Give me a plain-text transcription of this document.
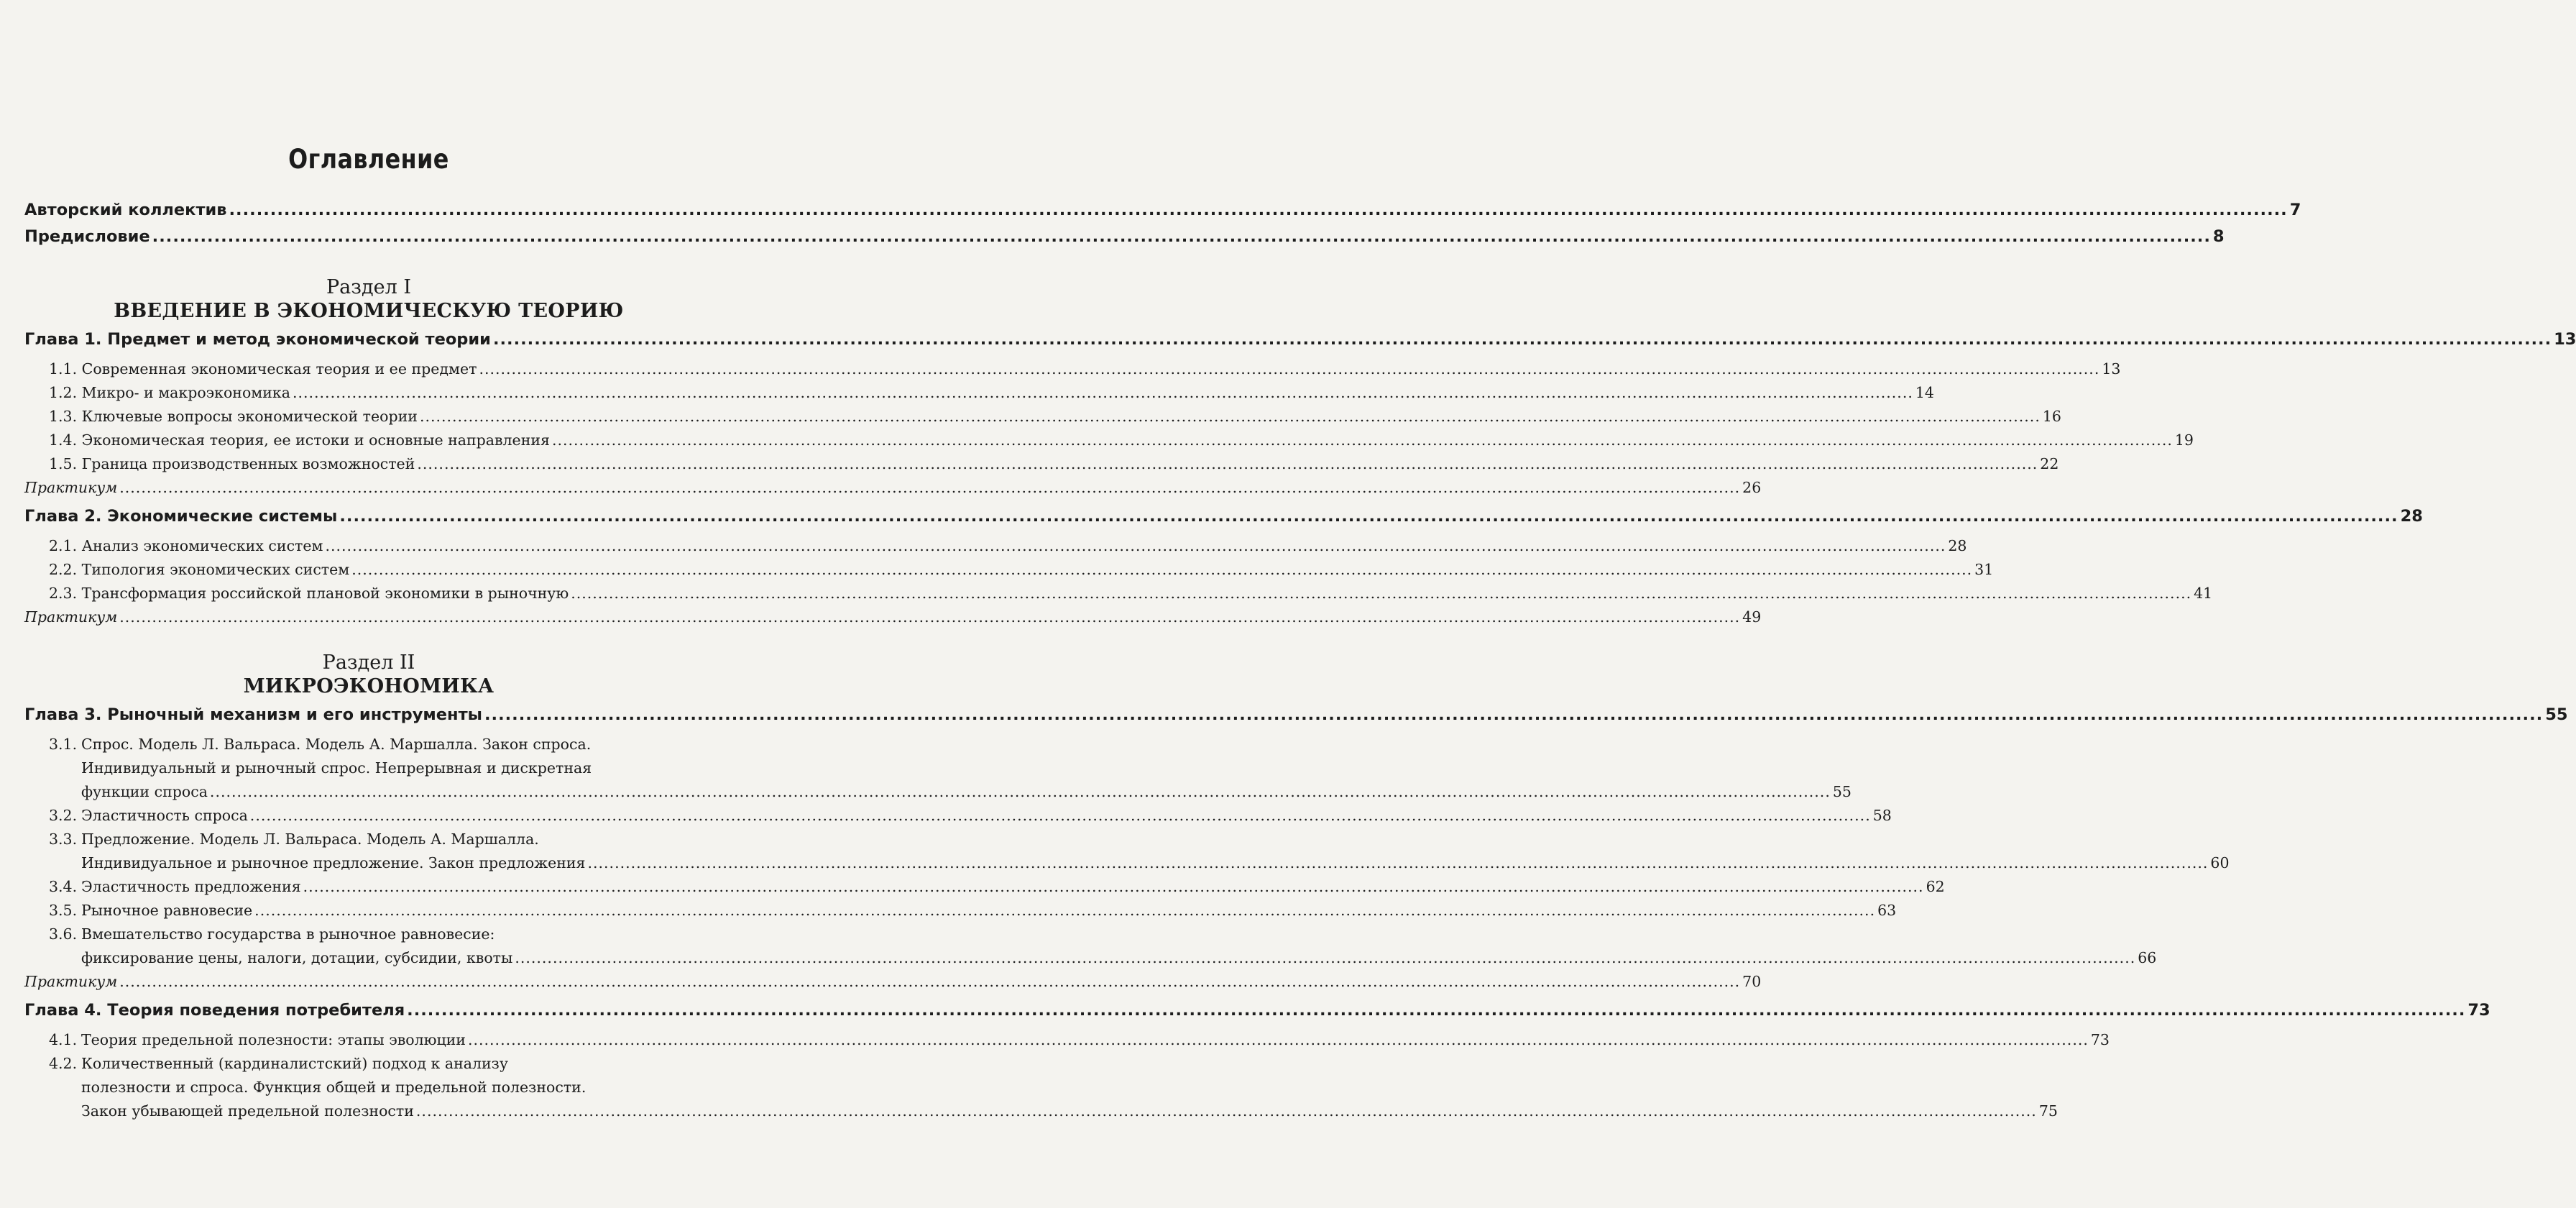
Оглавление
Авторский коллектив ............................................................................................................................................................................................................................................................................................................ 7
Предисловие ............................................................................................................................................................................................................................................................................................................ 8
Раздел I
ВВЕДЕНИЕ В ЭКОНОМИЧЕСКУЮ ТЕОРИЮ
Глава 1. Предмет и метод экономической теории ............................................................................................................................................................................................................................................................................................................ 13
1.1. Современная экономическая теория и ее предмет ............................................................................................................................................................................................................................................................................................................ 13
1.2. Микро- и макроэкономика ............................................................................................................................................................................................................................................................................................................ 14
1.3. Ключевые вопросы экономической теории ............................................................................................................................................................................................................................................................................................................ 16
1.4. Экономическая теория, ее истоки и основные направления ............................................................................................................................................................................................................................................................................................................ 19
1.5. Граница производственных возможностей ............................................................................................................................................................................................................................................................................................................ 22
Практикум ............................................................................................................................................................................................................................................................................................................ 26
Глава 2. Экономические системы ............................................................................................................................................................................................................................................................................................................ 28
2.1. Анализ экономических систем ............................................................................................................................................................................................................................................................................................................ 28
2.2. Типология экономических систем ............................................................................................................................................................................................................................................................................................................ 31
2.3. Трансформация российской плановой экономики в рыночную ............................................................................................................................................................................................................................................................................................................ 41
Практикум ............................................................................................................................................................................................................................................................................................................ 49
Раздел II
МИКРОЭКОНОМИКА
Глава 3. Рыночный механизм и его инструменты ............................................................................................................................................................................................................................................................................................................ 55
3.1. Спрос. Модель Л. Вальраса. Модель А. Маршалла. Закон спроса.
Индивидуальный и рыночный спрос. Непрерывная и дискретная
функции спроса ............................................................................................................................................................................................................................................................................................................ 55
3.2. Эластичность спроса ............................................................................................................................................................................................................................................................................................................ 58
3.3. Предложение. Модель Л. Вальраса. Модель А. Маршалла.
Индивидуальное и рыночное предложение. Закон предложения ............................................................................................................................................................................................................................................................................................................ 60
3.4. Эластичность предложения ............................................................................................................................................................................................................................................................................................................ 62
3.5. Рыночное равновесие ............................................................................................................................................................................................................................................................................................................ 63
3.6. Вмешательство государства в рыночное равновесие:
фиксирование цены, налоги, дотации, субсидии, квоты ............................................................................................................................................................................................................................................................................................................ 66
Практикум ............................................................................................................................................................................................................................................................................................................ 70
Глава 4. Теория поведения потребителя ............................................................................................................................................................................................................................................................................................................ 73
4.1. Теория предельной полезности: этапы эволюции ............................................................................................................................................................................................................................................................................................................ 73
4.2. Количественный (кардиналистский) подход к анализу
полезности и спроса. Функция общей и предельной полезности.
Закон убывающей предельной полезности ............................................................................................................................................................................................................................................................................................................ 75
